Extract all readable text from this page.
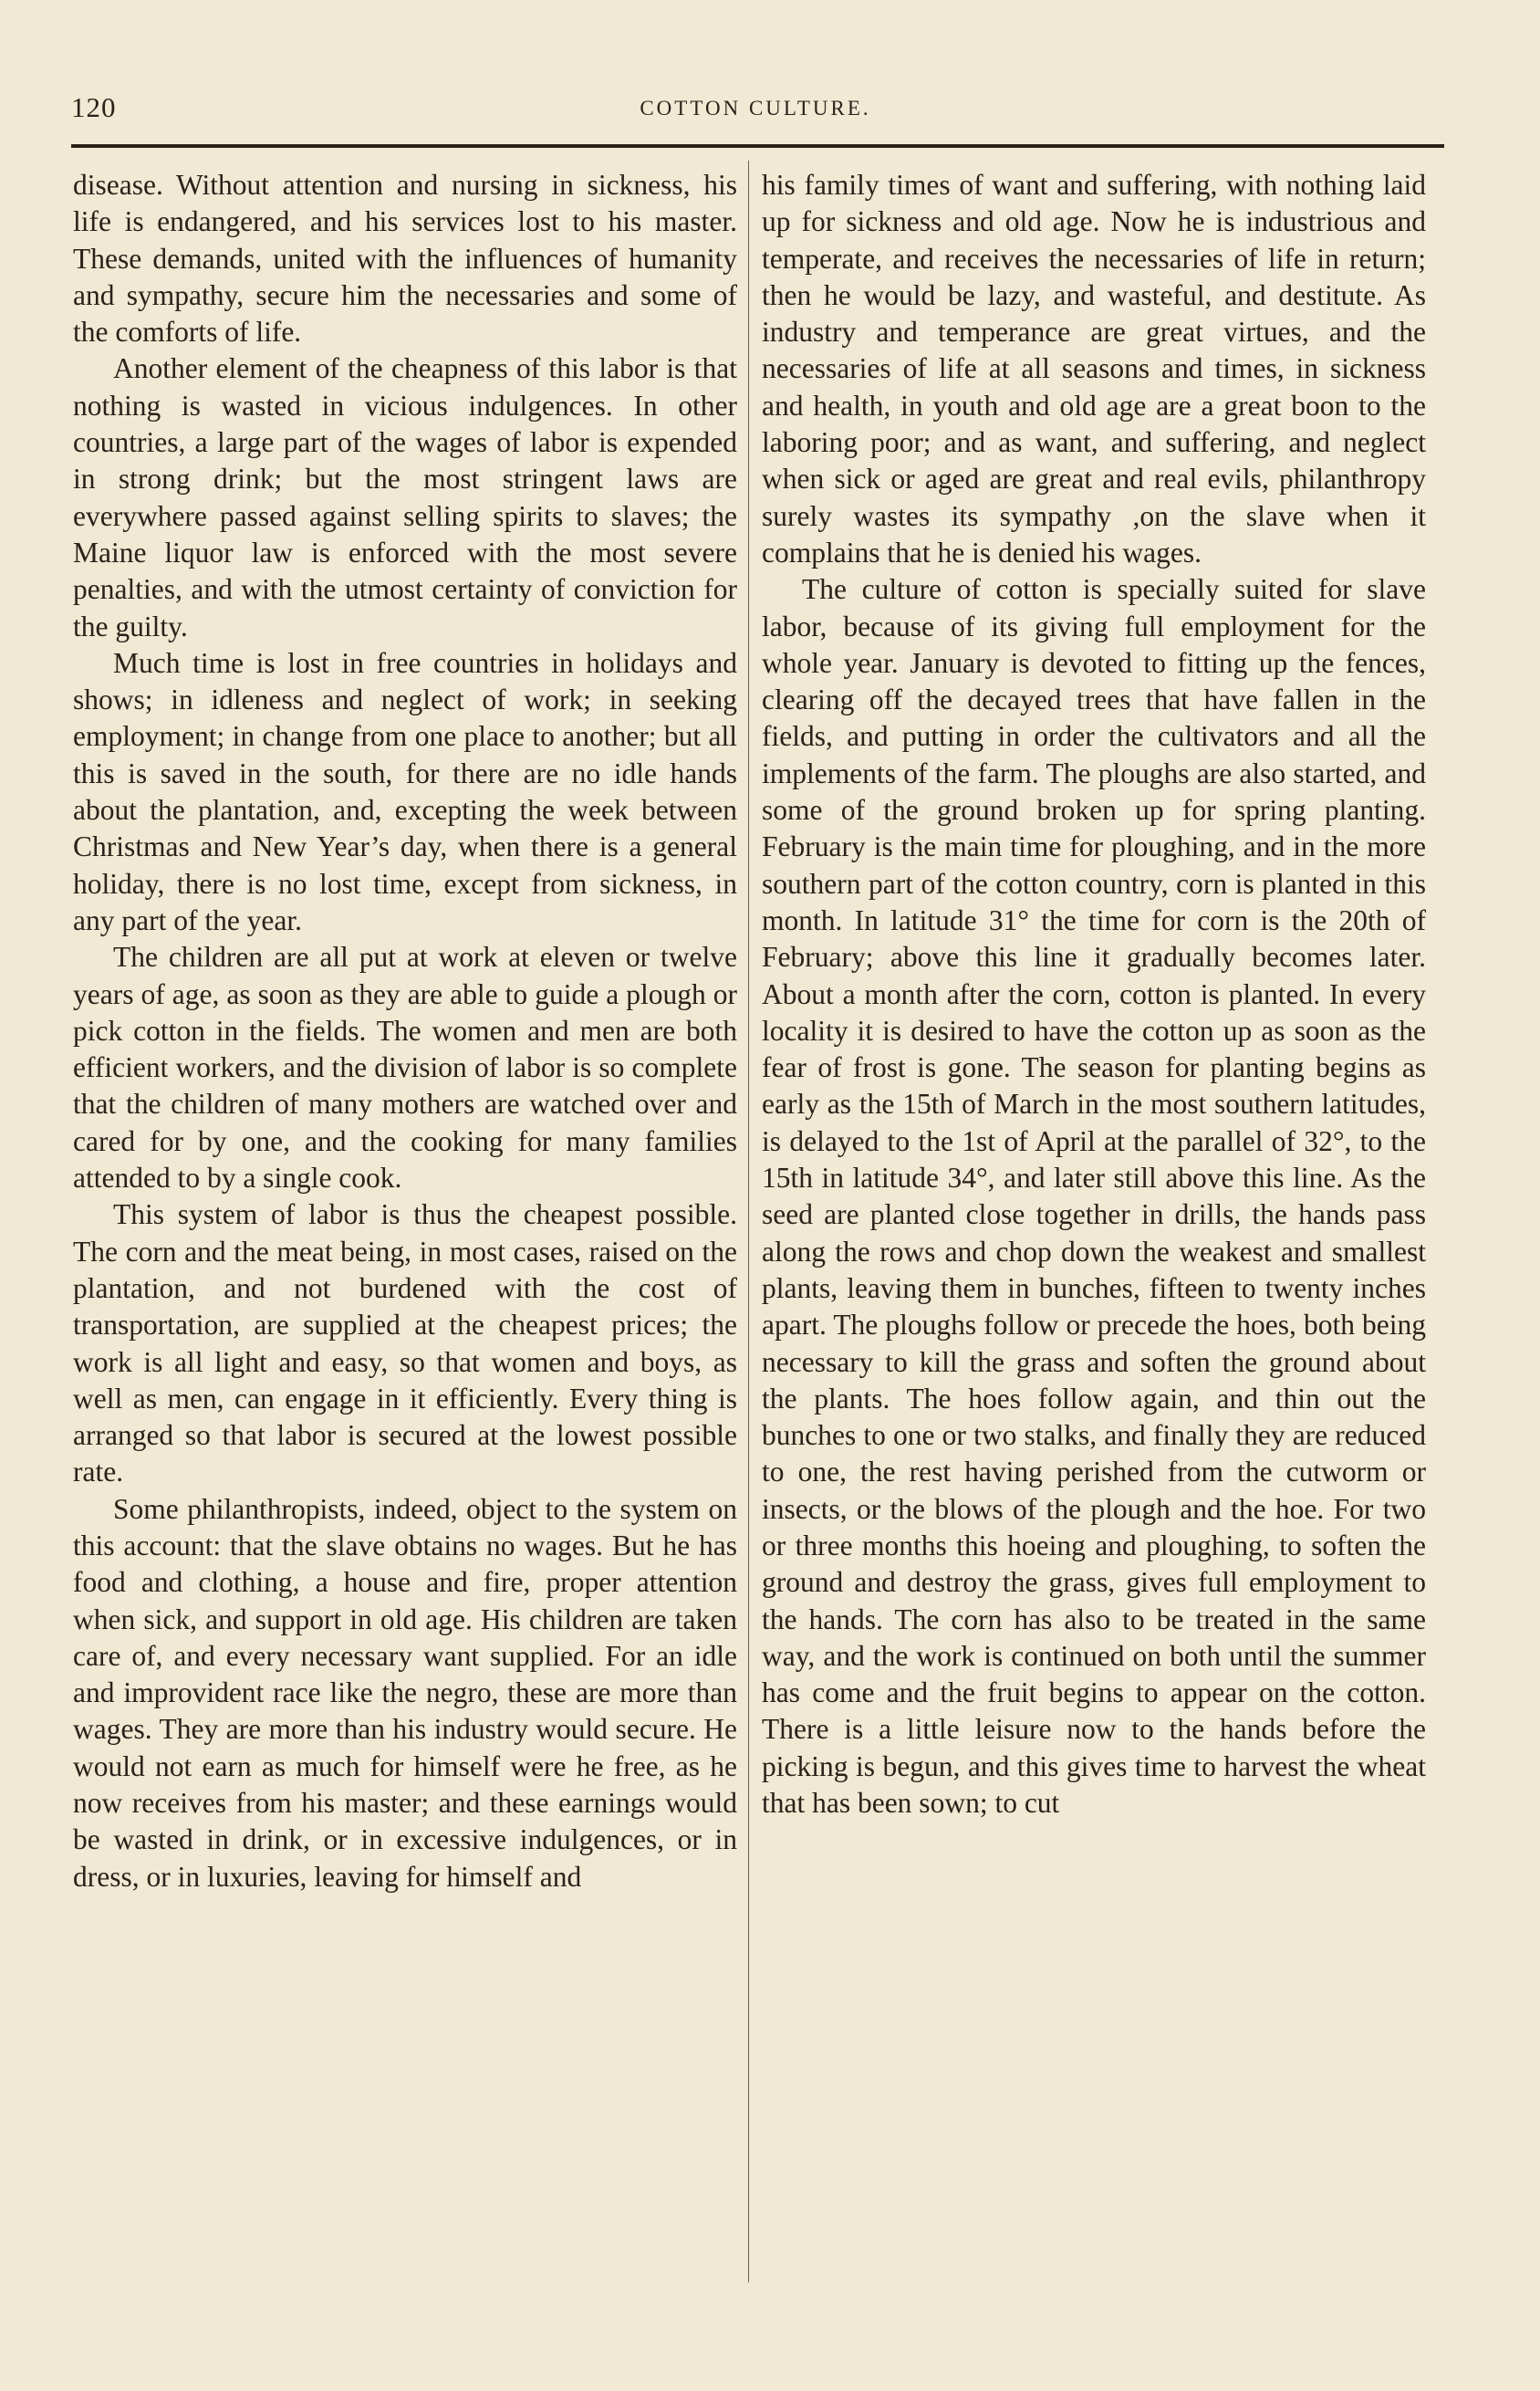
120	COTTON CULTURE.

disease. Without attention and nursing in sickness, his life is endangered, and his services lost to his master. These demands, united with the influences of humanity and sympathy, secure him the necessaries and some of the comforts of life.

Another element of the cheapness of this labor is that nothing is wasted in vicious indulgences. In other countries, a large part of the wages of labor is expended in strong drink; but the most stringent laws are everywhere passed against selling spirits to slaves; the Maine liquor law is enforced with the most severe penalties, and with the utmost certainty of conviction for the guilty.

Much time is lost in free countries in holidays and shows; in idleness and neglect of work; in seeking employment; in change from one place to another; but all this is saved in the south, for there are no idle hands about the plantation, and, excepting the week between Christmas and New Year’s day, when there is a general holiday, there is no lost time, except from sickness, in any part of the year.

The children are all put at work at eleven or twelve years of age, as soon as they are able to guide a plough or pick cotton in the fields. The women and men are both efficient workers, and the division of labor is so complete that the children of many mothers are watched over and cared for by one, and the cooking for many families attended to by a single cook.

This system of labor is thus the cheapest possible. The corn and the meat being, in most cases, raised on the plantation, and not burdened with the cost of transportation, are supplied at the cheapest prices; the work is all light and easy, so that women and boys, as well as men, can engage in it efficiently. Every thing is arranged so that labor is secured at the lowest possible rate.

Some philanthropists, indeed, object to the system on this account: that the slave obtains no wages. But he has food and clothing, a house and fire, proper attention when sick, and support in old age. His children are taken care of, and every necessary want supplied. For an idle and improvident race like the negro, these are more than wages. They are more than his industry would secure. He would not earn as much for himself were he free, as he now receives from his master; and these earnings would be wasted in drink, or in excessive indulgences, or in dress, or in luxuries, leaving for himself and

his family times of want and suffering, with nothing laid up for sickness and old age. Now he is industrious and temperate, and receives the necessaries of life in return; then he would be lazy, and wasteful, and destitute. As industry and temperance are great virtues, and the necessaries of life at all seasons and times, in sickness and health, in youth and old age are a great boon to the laboring poor; and as want, and suffering, and neglect when sick or aged are great and real evils, philanthropy surely wastes its sympathy ,on the slave when it complains that he is denied his wages.

The culture of cotton is specially suited for slave labor, because of its giving full employment for the whole year. January is devoted to fitting up the fences, clearing off the decayed trees that have fallen in the fields, and putting in order the cultivators and all the implements of the farm. The ploughs are also started, and some of the ground broken up for spring planting. February is the main time for ploughing, and in the more southern part of the cotton country, corn is planted in this month. In latitude 31° the time for corn is the 20th of February; above this line it gradually becomes later. About a month after the corn, cotton is planted. In every locality it is desired to have the cotton up as soon as the fear of frost is gone. The season for planting begins as early as the 15th of March in the most southern latitudes, is delayed to the 1st of April at the parallel of 32°, to the 15th in latitude 34°, and later still above this line. As the seed are planted close together in drills, the hands pass along the rows and chop down the weakest and smallest plants, leaving them in bunches, fifteen to twenty inches apart. The ploughs follow or precede the hoes, both being necessary to kill the grass and soften the ground about the plants. The hoes follow again, and thin out the bunches to one or two stalks, and finally they are reduced to one, the rest having perished from the cutworm or insects, or the blows of the plough and the hoe. For two or three months this hoeing and ploughing, to soften the ground and destroy the grass, gives full employment to the hands. The corn has also to be treated in the same way, and the work is continued on both until the summer has come and the fruit begins to appear on the cotton. There is a little leisure now to the hands before the picking is begun, and this gives time to harvest the wheat that has been sown; to cut
